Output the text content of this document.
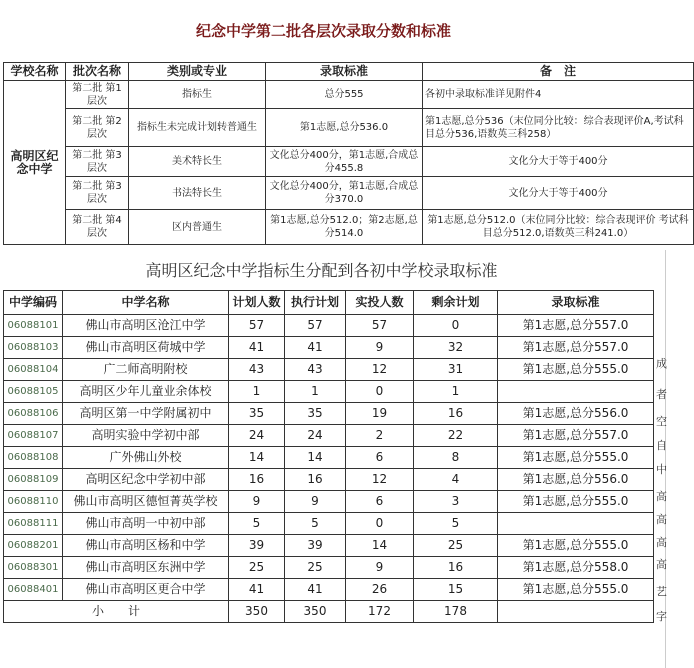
纪念中学第二批各层次录取分数和标准
学校名称	批次名称	类别或专业	录取标准	备　注
高明区纪念中学	第二批 第1层次	指标生	总分555	各初中录取标准详见附件4
	第二批 第2层次	指标生未完成计划转普通生	第1志愿,总分536.0	第1志愿,总分536（末位同分比较：综合表现评价A,考试科目总分536,语数英三科258）
	第二批 第3层次	美术特长生	文化总分400分，第1志愿,合成总分455.8	文化分大于等于400分
	第二批 第3层次	书法特长生	文化总分400分，第1志愿,合成总分370.0	文化分大于等于400分
	第二批 第4层次	区内普通生	第1志愿,总分512.0；第2志愿,总分514.0	第1志愿,总分512.0（末位同分比较：综合表现评价 考试科目总分512.0,语数英三科241.0）
高明区纪念中学指标生分配到各初中学校录取标准
中学编码	中学名称	计划人数	执行计划	实投人数	剩余计划	录取标准
06088101	佛山市高明区沧江中学	57	57	57	0	第1志愿,总分557.0
06088103	佛山市高明区荷城中学	41	41	9	32	第1志愿,总分557.0
06088104	广二师高明附校	43	43	12	31	第1志愿,总分555.0
06088105	高明区少年儿童业余体校	1	1	0	1	
06088106	高明区第一中学附属初中	35	35	19	16	第1志愿,总分556.0
06088107	高明实验中学初中部	24	24	2	22	第1志愿,总分557.0
06088108	广外佛山外校	14	14	6	8	第1志愿,总分555.0
06088109	高明区纪念中学初中部	16	16	12	4	第1志愿,总分556.0
06088110	佛山市高明区德恒菁英学校	9	9	6	3	第1志愿,总分555.0
06088111	佛山市高明一中初中部	5	5	0	5	
06088201	佛山市高明区杨和中学	39	39	14	25	第1志愿,总分555.0
06088301	佛山市高明区东洲中学	25	25	9	16	第1志愿,总分558.0
06088401	佛山市高明区更合中学	41	41	26	15	第1志愿,总分555.0
小　　计		350	350	172	178	
成
者
空
自
中
高
高
高
高
艺
字
